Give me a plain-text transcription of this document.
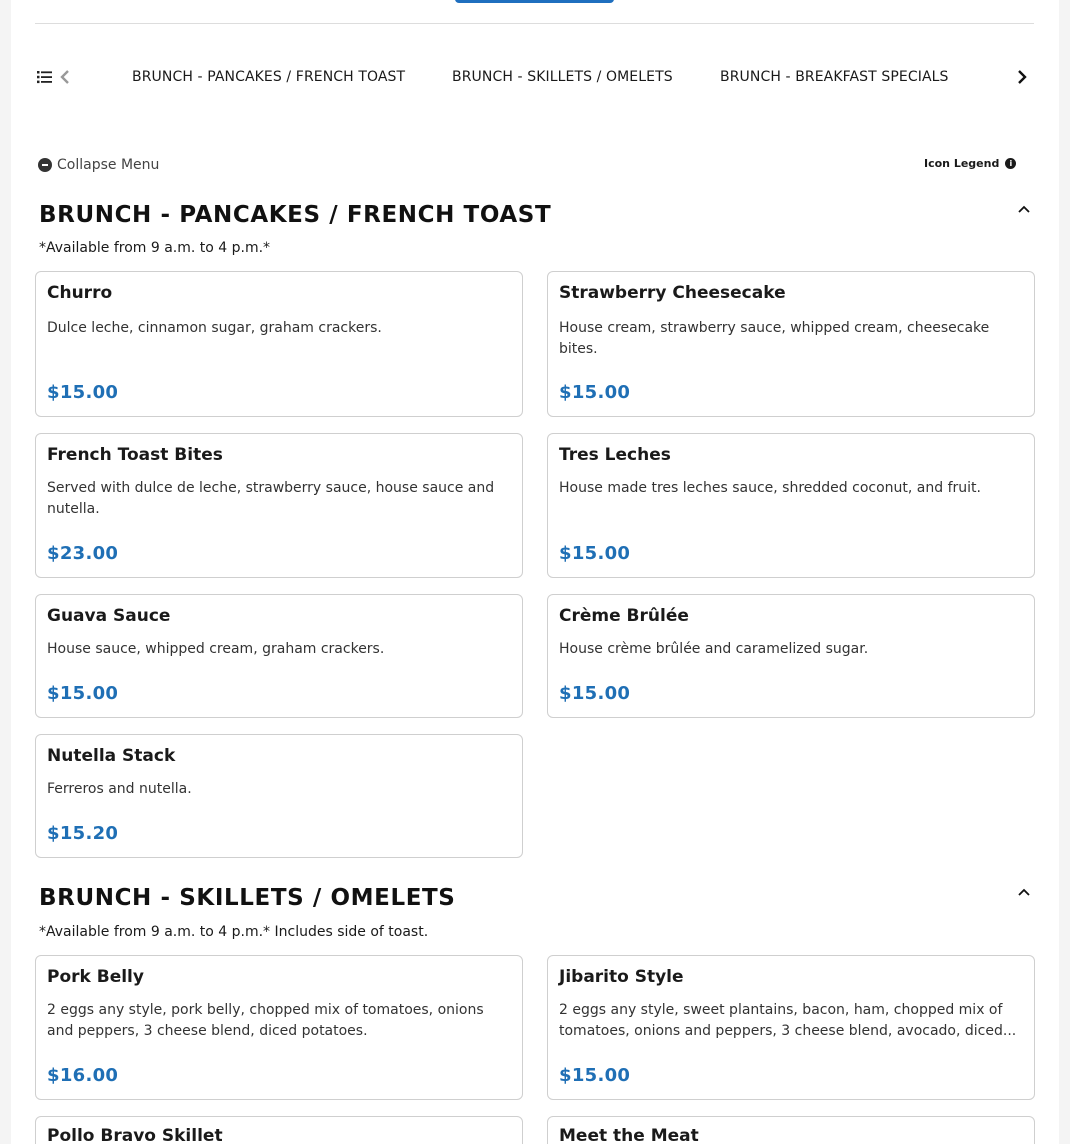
BRUNCH - PANCAKES / FRENCH TOAST	BRUNCH - SKILLETS / OMELETS	BRUNCH - BREAKFAST SPECIALS
Collapse Menu	Icon Legend	i
BRUNCH - PANCAKES / FRENCH TOAST
*Available from 9 a.m. to 4 p.m.*
Churro
Dulce leche, cinnamon sugar, graham crackers.
$15.00
Strawberry Cheesecake
House cream, strawberry sauce, whipped cream, cheesecake bites.
$15.00
French Toast Bites
Served with dulce de leche, strawberry sauce, house sauce and nutella.
$23.00
Tres Leches
House made tres leches sauce, shredded coconut, and fruit.
$15.00
Guava Sauce
House sauce, whipped cream, graham crackers.
$15.00
Crème Brûlée
House crème brûlée and caramelized sugar.
$15.00
Nutella Stack
Ferreros and nutella.
$15.20
BRUNCH - SKILLETS / OMELETS
*Available from 9 a.m. to 4 p.m.* Includes side of toast.
Pork Belly
2 eggs any style, pork belly, chopped mix of tomatoes, onions and peppers, 3 cheese blend, diced potatoes.
$16.00
Jibarito Style
2 eggs any style, sweet plantains, bacon, ham, chopped mix of tomatoes, onions and peppers, 3 cheese blend, avocado, diced...
$15.00
Pollo Bravo Skillet	Meet the Meat
